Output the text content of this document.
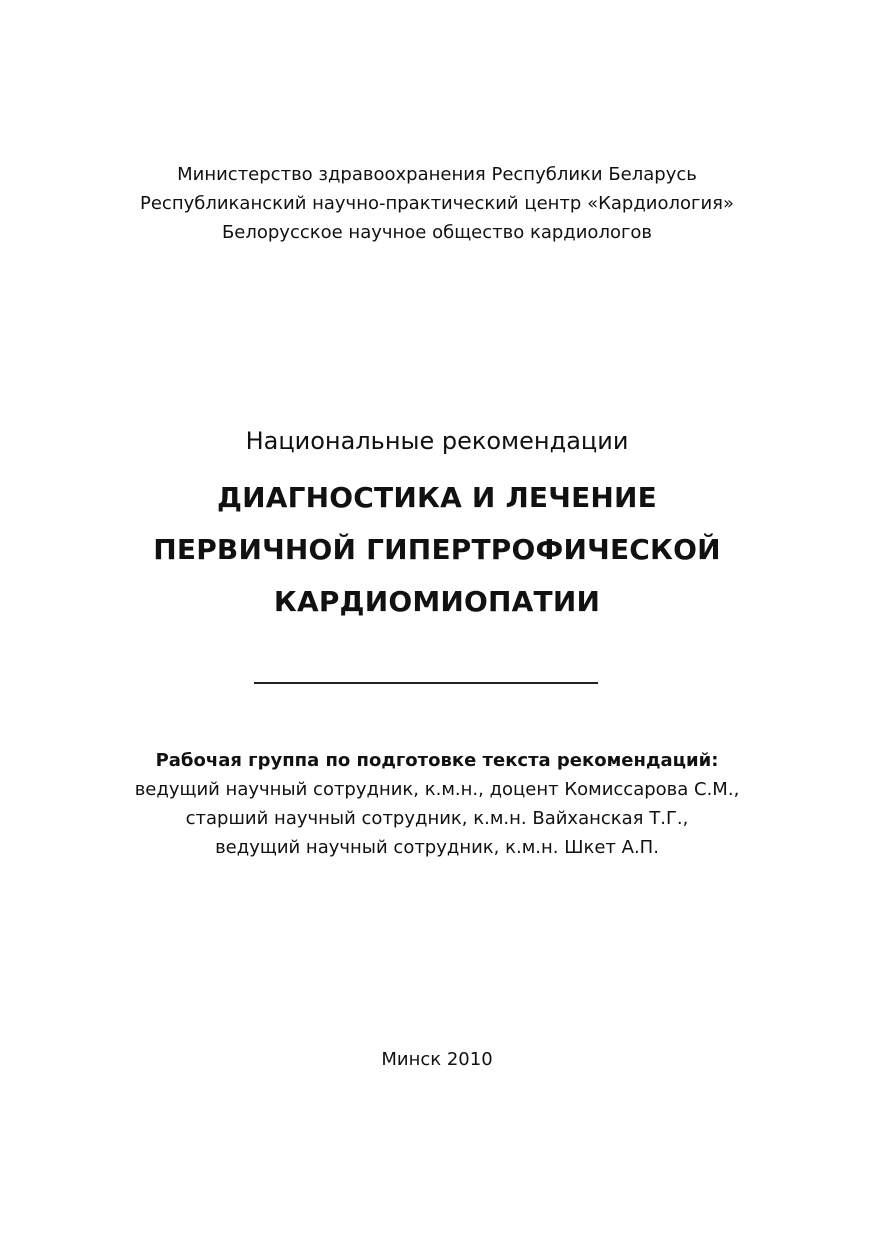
Министерство здравоохранения Республики Беларусь

Республиканский научно-практический центр «Кардиология»

Белорусское научное общество кардиологов

Национальные рекомендации

ДИАГНОСТИКА И ЛЕЧЕНИЕ

ПЕРВИЧНОЙ ГИПЕРТРОФИЧЕСКОЙ

КАРДИОМИОПАТИИ

Рабочая группа по подготовке текста рекомендаций:

ведущий научный сотрудник, к.м.н., доцент Комиссарова С.М.,

старший научный сотрудник, к.м.н. Вайханская Т.Г.,

ведущий научный сотрудник, к.м.н. Шкет А.П.

Минск 2010
